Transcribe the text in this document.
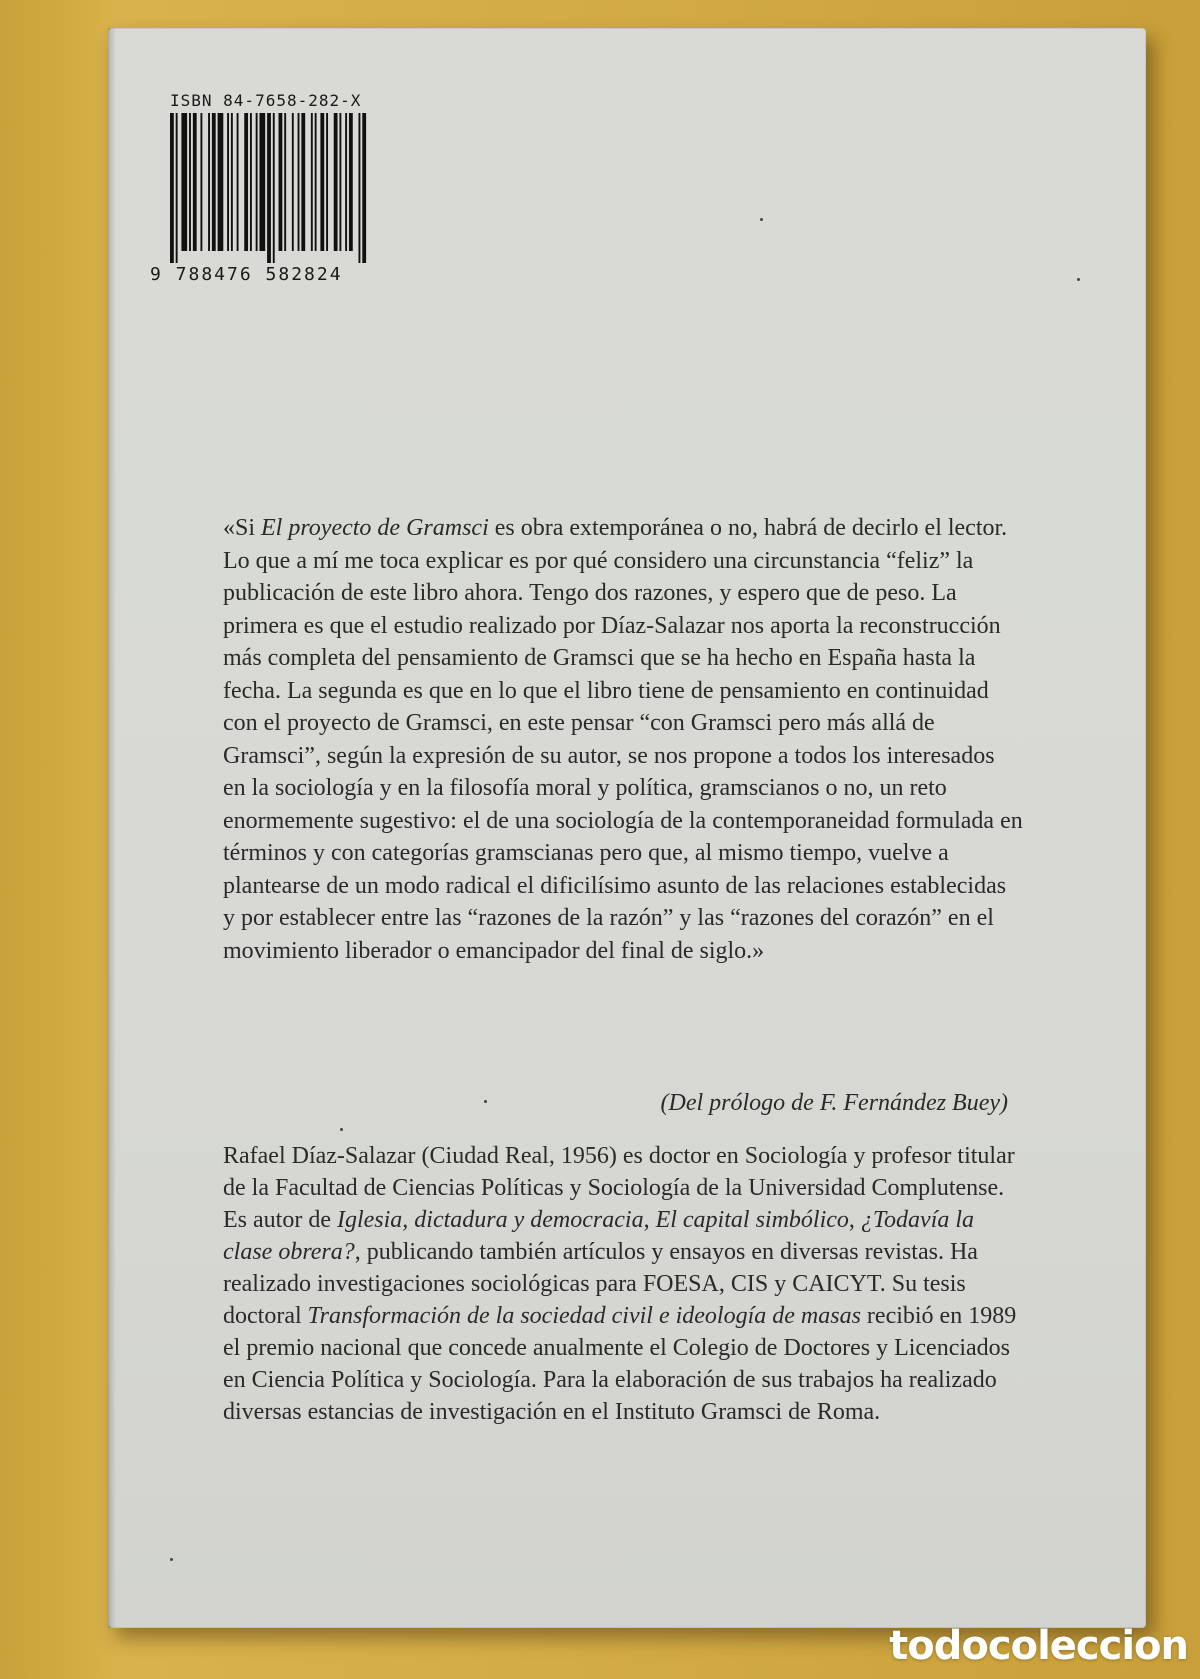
ISBN 84-7658-282-X
9 788476 582824

«Si El proyecto de Gramsci es obra extemporánea o no, habrá de decirlo el lector. Lo que a mí me toca explicar es por qué considero una circunstancia “feliz” la publicación de este libro ahora. Tengo dos razones, y espero que de peso. La primera es que el estudio realizado por Díaz-Salazar nos aporta la reconstrucción más completa del pensamiento de Gramsci que se ha hecho en España hasta la fecha. La segunda es que en lo que el libro tiene de pensamiento en continuidad con el proyecto de Gramsci, en este pensar “con Gramsci pero más allá de Gramsci”, según la expresión de su autor, se nos propone a todos los interesados en la sociología y en la filosofía moral y política, gramscianos o no, un reto enormemente sugestivo: el de una sociología de la contemporaneidad formulada en términos y con categorías gramscianas pero que, al mismo tiempo, vuelve a plantearse de un modo radical el dificilísimo asunto de las relaciones establecidas y por establecer entre las “razones de la razón” y las “razones del corazón” en el movimiento liberador o emancipador del final de siglo.»

(Del prólogo de F. Fernández Buey)

Rafael Díaz-Salazar (Ciudad Real, 1956) es doctor en Sociología y profesor titular de la Facultad de Ciencias Políticas y Sociología de la Universidad Complutense. Es autor de Iglesia, dictadura y democracia, El capital simbólico, ¿Todavía la clase obrera?, publicando también artículos y ensayos en diversas revistas. Ha realizado investigaciones sociológicas para FOESA, CIS y CAICYT. Su tesis doctoral Transformación de la sociedad civil e ideología de masas recibió en 1989 el premio nacional que concede anualmente el Colegio de Doctores y Licenciados en Ciencia Política y Sociología. Para la elaboración de sus trabajos ha realizado diversas estancias de investigación en el Instituto Gramsci de Roma.

todocoleccion
